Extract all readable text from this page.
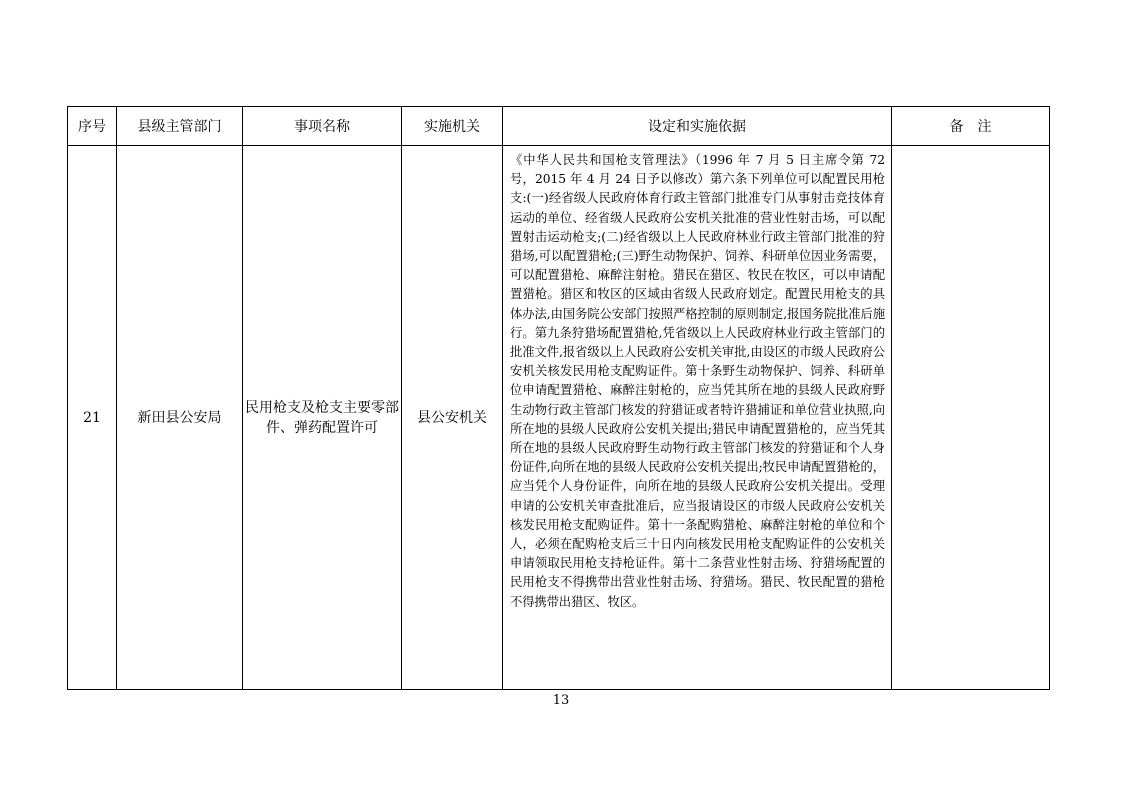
序号	县级主管部门	事项名称	实施机关	设定和实施依据	备　注
21	新田县公安局	民用枪支及枪支主要零部件、弹药配置许可	县公安机关	《中华人民共和国枪支管理法》（1996 年 7 月 5 日主席令第 72 号，2015 年 4 月 24 日予以修改）第六条下列单位可以配置民用枪支:(一)经省级人民政府体育行政主管部门批准专门从事射击竞技体育运动的单位、经省级人民政府公安机关批准的营业性射击场，可以配置射击运动枪支;(二)经省级以上人民政府林业行政主管部门批准的狩猎场,可以配置猎枪;(三)野生动物保护、饲养、科研单位因业务需要，可以配置猎枪、麻醉注射枪。猎民在猎区、牧民在牧区，可以申请配置猎枪。猎区和牧区的区域由省级人民政府划定。配置民用枪支的具体办法,由国务院公安部门按照严格控制的原则制定,报国务院批准后施行。第九条狩猎场配置猎枪,凭省级以上人民政府林业行政主管部门的批准文件,报省级以上人民政府公安机关审批,由设区的市级人民政府公安机关核发民用枪支配购证件。第十条野生动物保护、饲养、科研单位申请配置猎枪、麻醉注射枪的，应当凭其所在地的县级人民政府野生动物行政主管部门核发的狩猎证或者特许猎捕证和单位营业执照,向所在地的县级人民政府公安机关提出;猎民申请配置猎枪的，应当凭其所在地的县级人民政府野生动物行政主管部门核发的狩猎证和个人身份证件,向所在地的县级人民政府公安机关提出;牧民申请配置猎枪的，应当凭个人身份证件，向所在地的县级人民政府公安机关提出。受理申请的公安机关审查批准后，应当报请设区的市级人民政府公安机关核发民用枪支配购证件。第十一条配购猎枪、麻醉注射枪的单位和个人，必须在配购枪支后三十日内向核发民用枪支配购证件的公安机关申请领取民用枪支持枪证件。第十二条营业性射击场、狩猎场配置的民用枪支不得携带出营业性射击场、狩猎场。猎民、牧民配置的猎枪不得携带出猎区、牧区。	
13
